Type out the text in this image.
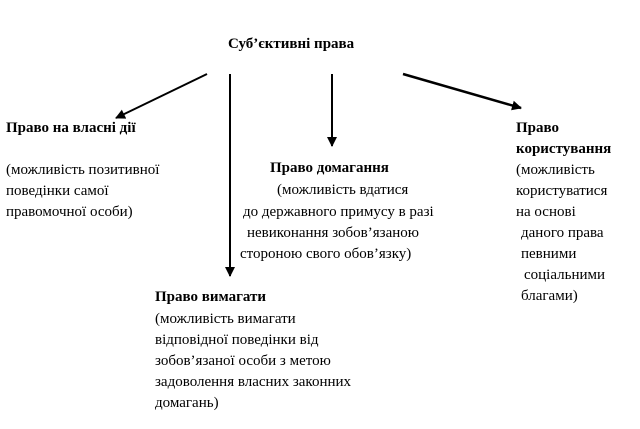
Суб’єктивні права
Право на власні дії
(можливість позитивної
поведінки самої
правомочної особи)
Право домагання
(можливість вдатися
до державного примусу в разі
невиконання зобов’язаною
стороною свого обов’язку)
Право вимагати
(можливість вимагати
відповідної поведінки від
зобов’язаної особи з метою
задоволення власних законних
домагань)
Право
користування
(можливість
користуватися
на основі
даного права
певними
соціальними
благами)
